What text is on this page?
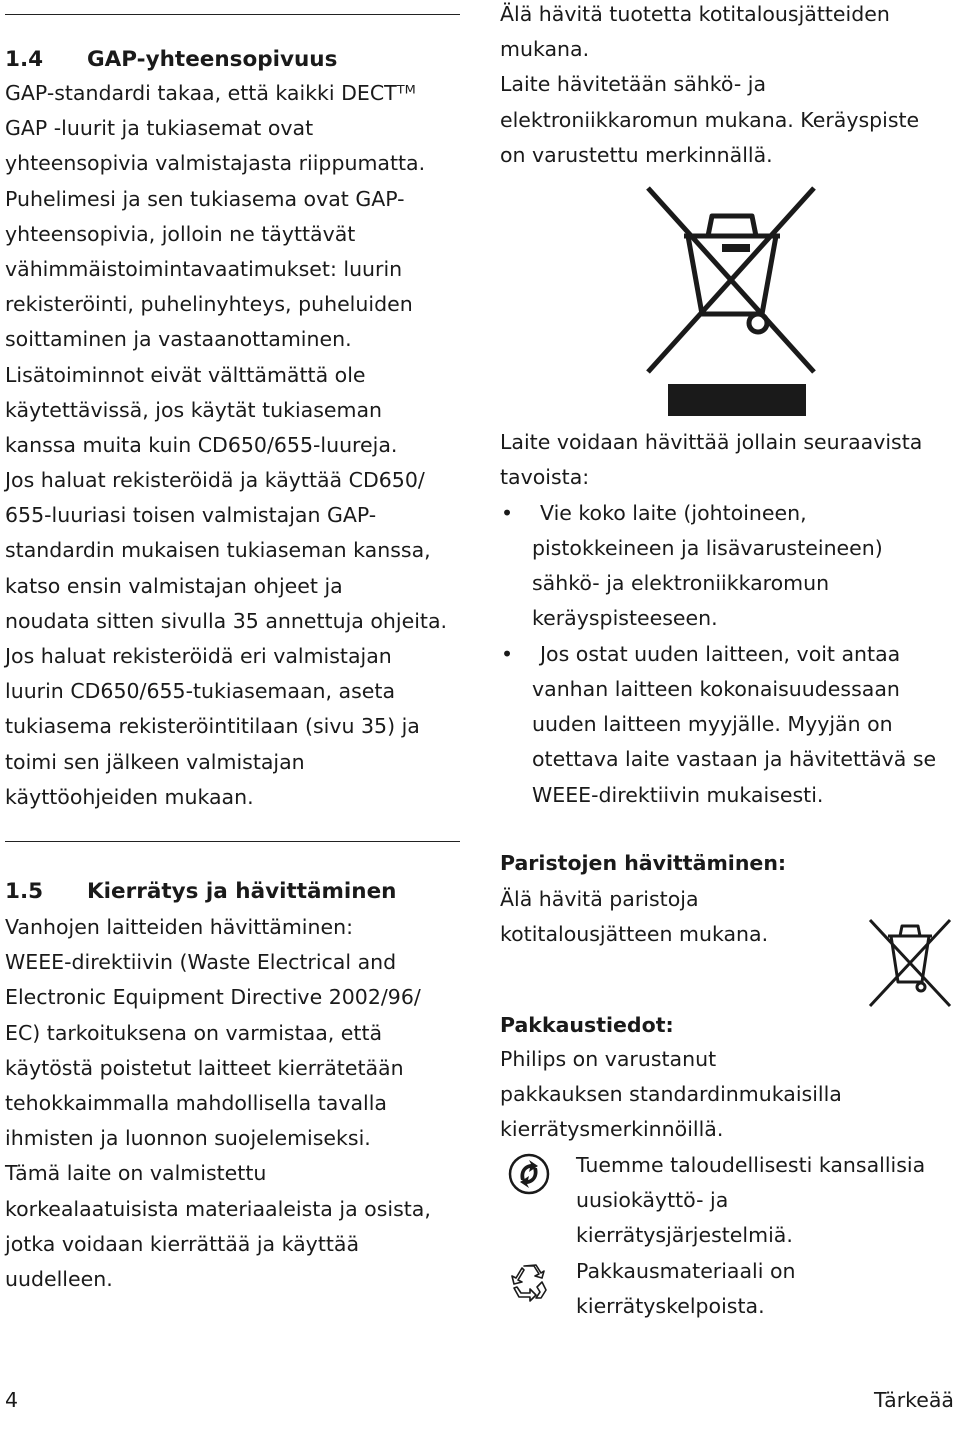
1.4 GAP-yhteensopivuus
GAP-standardi takaa, että kaikki DECTᵀᴹ
GAP -luurit ja tukiasemat ovat
yhteensopivia valmistajasta riippumatta.
Puhelimesi ja sen tukiasema ovat GAP-
yhteensopivia, jolloin ne täyttävät
vähimmäistoimintavaatimukset: luurin
rekisteröinti, puhelinyhteys, puheluiden
soittaminen ja vastaanottaminen.
Lisätoiminnot eivät välttämättä ole
käytettävissä, jos käytät tukiaseman
kanssa muita kuin CD650/655-luureja.
Jos haluat rekisteröidä ja käyttää CD650/
655-luuriasi toisen valmistajan GAP-
standardin mukaisen tukiaseman kanssa,
katso ensin valmistajan ohjeet ja
noudata sitten sivulla 35 annettuja ohjeita.
Jos haluat rekisteröidä eri valmistajan
luurin CD650/655-tukiasemaan, aseta
tukiasema rekisteröintitilaan (sivu 35) ja
toimi sen jälkeen valmistajan
käyttöohjeiden mukaan.
1.5 Kierrätys ja hävittäminen
Vanhojen laitteiden hävittäminen:
WEEE-direktiivin (Waste Electrical and
Electronic Equipment Directive 2002/96/
EC) tarkoituksena on varmistaa, että
käytöstä poistetut laitteet kierrätetään
tehokkaimmalla mahdollisella tavalla
ihmisten ja luonnon suojelemiseksi.
Tämä laite on valmistettu
korkealaatuisista materiaaleista ja osista,
jotka voidaan kierrättää ja käyttää
uudelleen.
Älä hävitä tuotetta kotitalousjätteiden
mukana.
Laite hävitetään sähkö- ja
elektroniikkaromun mukana. Keräyspiste
on varustettu merkinnällä.
Laite voidaan hävittää jollain seuraavista
tavoista:
• Vie koko laite (johtoineen,
pistokkeineen ja lisävarusteineen)
sähkö- ja elektroniikkaromun
keräyspisteeseen.
• Jos ostat uuden laitteen, voit antaa
vanhan laitteen kokonaisuudessaan
uuden laitteen myyjälle. Myyjän on
otettava laite vastaan ja hävitettävä se
WEEE-direktiivin mukaisesti.
Paristojen hävittäminen:
Älä hävitä paristoja
kotitalousjätteen mukana.
Pakkaustiedot:
Philips on varustanut
pakkauksen standardinmukaisilla
kierrätysmerkinnöillä.
Tuemme taloudellisesti kansallisia
uusiokäyttö- ja
kierrätysjärjestelmiä.
Pakkausmateriaali on
kierrätyskelpoista.
4	Tärkeää
